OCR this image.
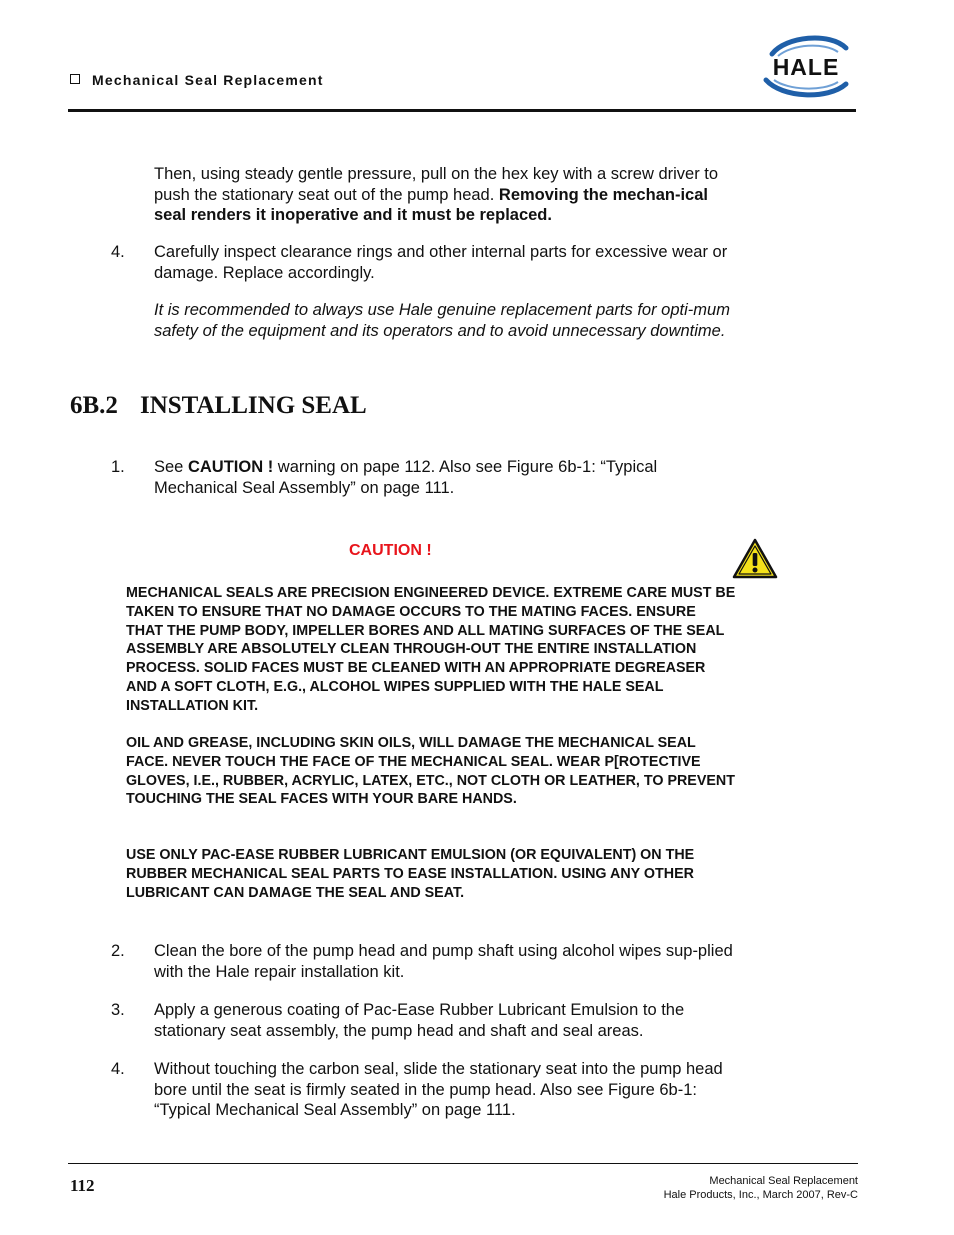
Mechanical Seal Replacement	HALE
Then, using steady gentle pressure, pull on the hex key with a screw driver to push the stationary seat out of the pump head. Removing the mechan-ical seal renders it inoperative and it must be replaced.
4. Carefully inspect clearance rings and other internal parts for excessive wear or damage. Replace accordingly.
It is recommended to always use Hale genuine replacement parts for opti-mum safety of the equipment and its operators and to avoid unnecessary downtime.
6B.2 INSTALLING SEAL
1. See CAUTION ! warning on pape 112. Also see Figure 6b-1: “Typical Mechanical Seal Assembly” on page 111.
CAUTION !
MECHANICAL SEALS ARE PRECISION ENGINEERED DEVICE. EXTREME CARE MUST BE TAKEN TO ENSURE THAT NO DAMAGE OCCURS TO THE MATING FACES. ENSURE THAT THE PUMP BODY, IMPELLER BORES AND ALL MATING SURFACES OF THE SEAL ASSEMBLY ARE ABSOLUTELY CLEAN THROUGH-OUT THE ENTIRE INSTALLATION PROCESS. SOLID FACES MUST BE CLEANED WITH AN APPROPRIATE DEGREASER AND A SOFT CLOTH, E.G., ALCOHOL WIPES SUPPLIED WITH THE HALE SEAL INSTALLATION KIT.
OIL AND GREASE, INCLUDING SKIN OILS, WILL DAMAGE THE MECHANICAL SEAL FACE. NEVER TOUCH THE FACE OF THE MECHANICAL SEAL. WEAR P[ROTECTIVE GLOVES, I.E., RUBBER, ACRYLIC, LATEX, ETC., NOT CLOTH OR LEATHER, TO PREVENT TOUCHING THE SEAL FACES WITH YOUR BARE HANDS.
USE ONLY PAC-EASE RUBBER LUBRICANT EMULSION (OR EQUIVALENT) ON THE RUBBER MECHANICAL SEAL PARTS TO EASE INSTALLATION. USING ANY OTHER LUBRICANT CAN DAMAGE THE SEAL AND SEAT.
2. Clean the bore of the pump head and pump shaft using alcohol wipes sup-plied with the Hale repair installation kit.
3. Apply a generous coating of Pac-Ease Rubber Lubricant Emulsion to the stationary seat assembly, the pump head and shaft and seal areas.
4. Without touching the carbon seal, slide the stationary seat into the pump head bore until the seat is firmly seated in the pump head. Also see Figure 6b-1: “Typical Mechanical Seal Assembly” on page 111.
112	Mechanical Seal Replacement
Hale Products, Inc., March 2007, Rev-C
